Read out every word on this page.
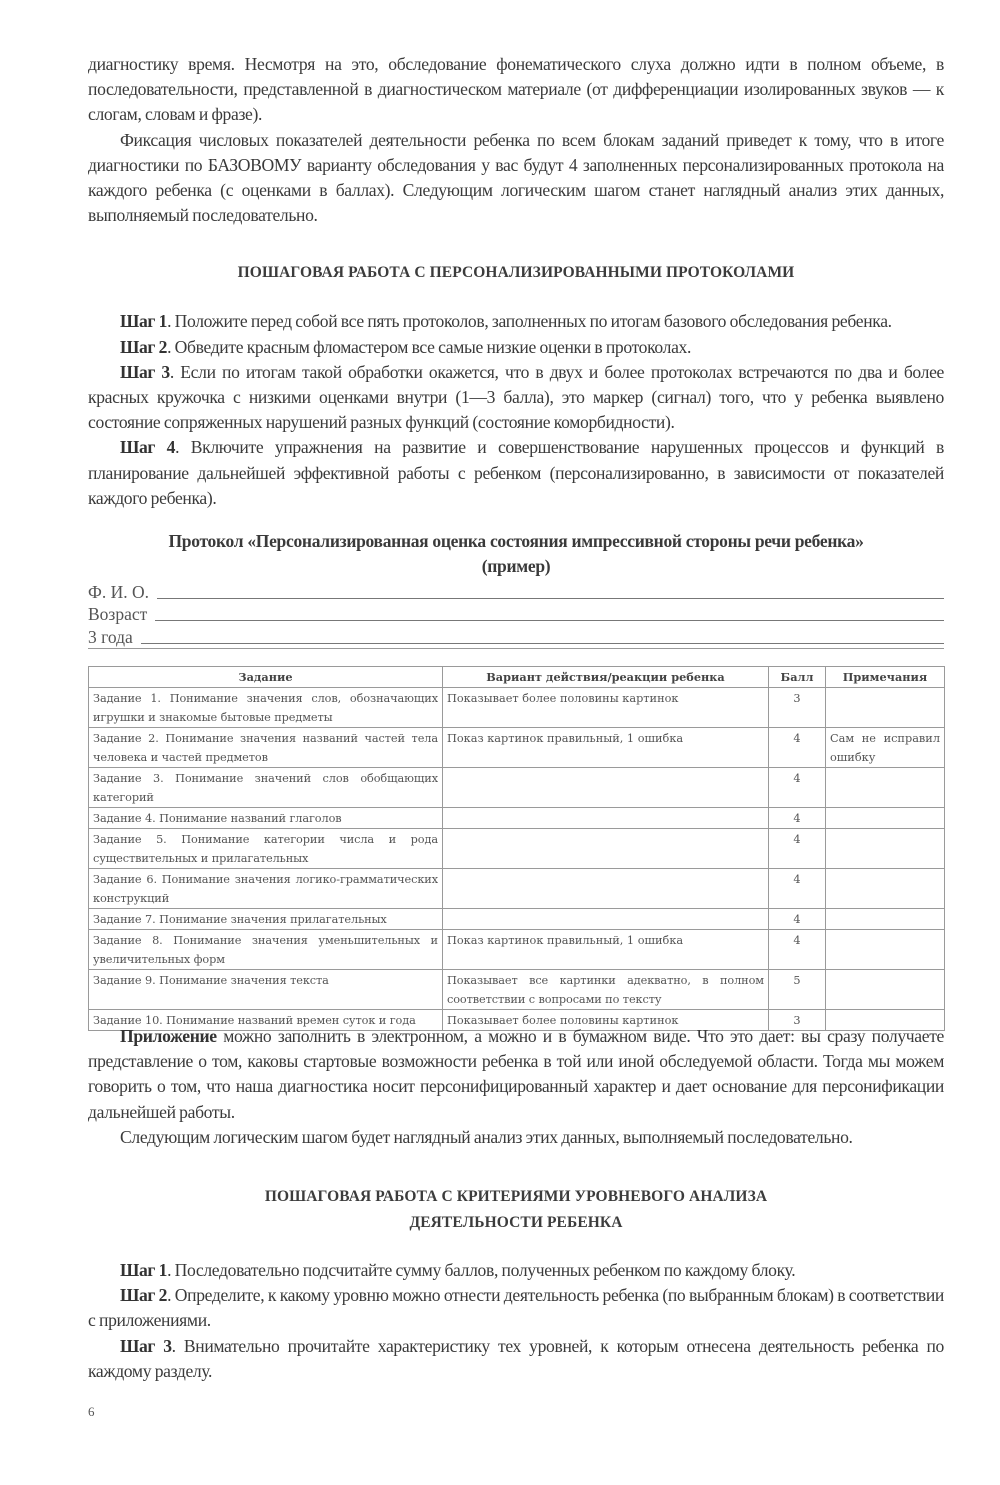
диагностику время. Несмотря на это, обследование фонематического слуха должно идти в полном объеме, в последовательности, представленной в диагностическом материале (от дифференциации изолированных звуков — к слогам, словам и фразе).

Фиксация числовых показателей деятельности ребенка по всем блокам заданий приведет к тому, что в итоге диагностики по БАЗОВОМУ варианту обследования у вас будут 4 заполненных персонализированных протокола на каждого ребенка (с оценками в баллах). Следующим логическим шагом станет наглядный анализ этих данных, выполняемый последовательно.

ПОШАГОВАЯ РАБОТА С ПЕРСОНАЛИЗИРОВАННЫМИ ПРОТОКОЛАМИ

Шаг 1. Положите перед собой все пять протоколов, заполненных по итогам базового обследования ребенка.

Шаг 2. Обведите красным фломастером все самые низкие оценки в протоколах.

Шаг 3. Если по итогам такой обработки окажется, что в двух и более протоколах встречаются по два и более красных кружочка с низкими оценками внутри (1—3 балла), это маркер (сигнал) того, что у ребенка выявлено состояние сопряженных нарушений разных функций (состояние коморбидности).

Шаг 4. Включите упражнения на развитие и совершенствование нарушенных процессов и функций в планирование дальнейшей эффективной работы с ребенком (персонализированно, в зависимости от показателей каждого ребенка).

Протокол «Персонализированная оценка состояния импрессивной стороны речи ребенка»
(пример)
Ф. И. О.
Возраст
3 года
Задание	Вариант действия/реакции ребенка	Балл	Примечания
Задание 1. Понимание значения слов, обозначающих игрушки и знакомые бытовые предметы	Показывает более половины картинок	3	
Задание 2. Понимание значения названий частей тела человека и частей предметов	Показ картинок правильный, 1 ошибка	4	Сам не исправил ошибку
Задание 3. Понимание значений слов обобщающих категорий		4	
Задание 4. Понимание названий глаголов		4	
Задание 5. Понимание категории числа и рода существительных и прилагательных		4	
Задание 6. Понимание значения логико-грамматических конструкций		4	
Задание 7. Понимание значения прилагательных		4	
Задание 8. Понимание значения уменьшительных и увеличительных форм	Показ картинок правильный, 1 ошибка	4	
Задание 9. Понимание значения текста	Показывает все картинки адекватно, в полном соответствии с вопросами по тексту	5	
Задание 10. Понимание названий времен суток и года	Показывает более половины картинок	3	

Приложение можно заполнить в электронном, а можно и в бумажном виде. Что это дает: вы сразу получаете представление о том, каковы стартовые возможности ребенка в той или иной обследуемой области. Тогда мы можем говорить о том, что наша диагностика носит персонифицированный характер и дает основание для персонификации дальнейшей работы.

Следующим логическим шагом будет наглядный анализ этих данных, выполняемый последовательно.

ПОШАГОВАЯ РАБОТА С КРИТЕРИЯМИ УРОВНЕВОГО АНАЛИЗА
ДЕЯТЕЛЬНОСТИ РЕБЕНКА

Шаг 1. Последовательно подсчитайте сумму баллов, полученных ребенком по каждому блоку.

Шаг 2. Определите, к какому уровню можно отнести деятельность ребенка (по выбранным блокам) в соответствии с приложениями.

Шаг 3. Внимательно прочитайте характеристику тех уровней, к которым отнесена деятельность ребенка по каждому разделу.

6
